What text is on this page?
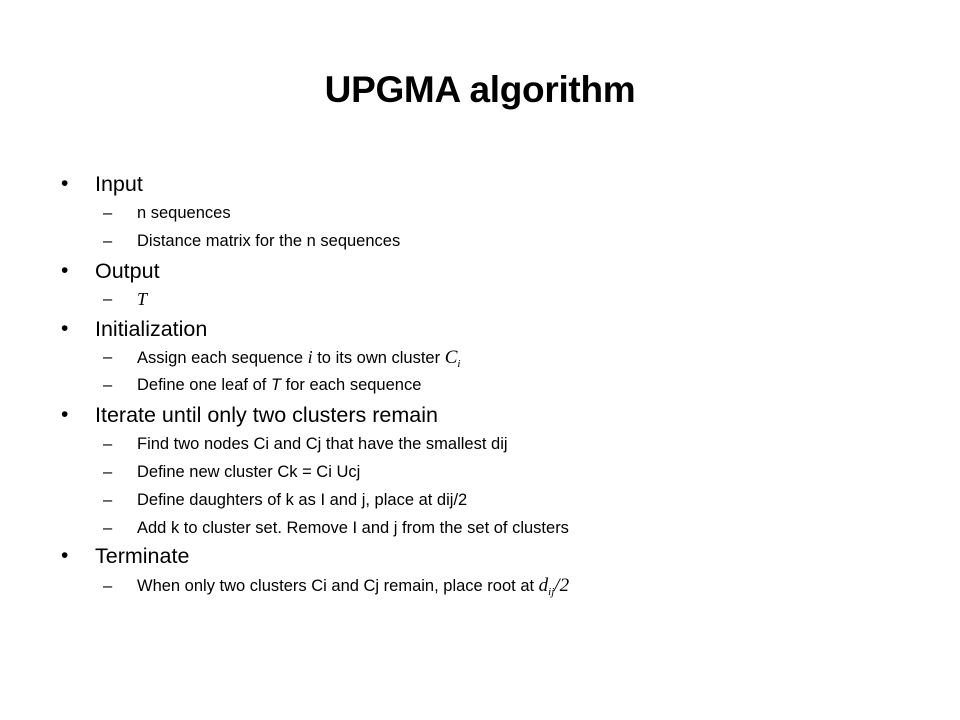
UPGMA algorithm
• Input
– n sequences
– Distance matrix for the n sequences
• Output
– T
• Initialization
– Assign each sequence i to its own cluster $C_i$
– Define one leaf of T for each sequence
• Iterate until only two clusters remain
– Find two nodes Ci and Cj that have the smallest dij
– Define new cluster Ck = Ci Ucj
– Define daughters of k as I and j, place at dij/2
– Add k to cluster set. Remove I and j from the set of clusters
• Terminate
– When only two clusters Ci and Cj remain, place root at $d_{ij}/2$
